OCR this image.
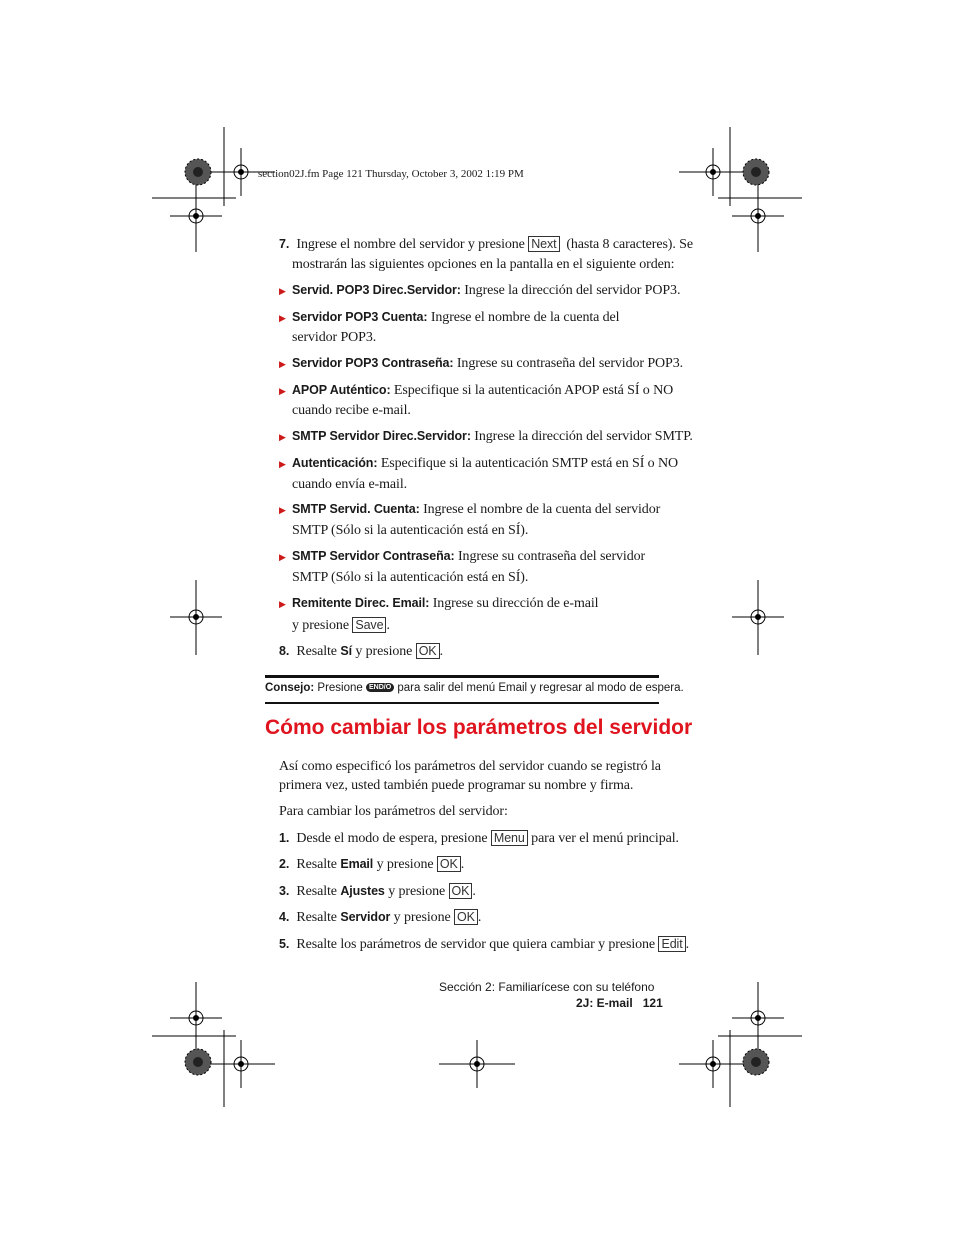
section02J.fm Page 121 Thursday, October 3, 2002 1:19 PM
7. Ingrese el nombre del servidor y presione Next (hasta 8 caracteres). Se
mostrarán las siguientes opciones en la pantalla en el siguiente orden:
▶ Servid. POP3 Direc.Servidor: Ingrese la dirección del servidor POP3.
▶ Servidor POP3 Cuenta: Ingrese el nombre de la cuenta del
servidor POP3.
▶ Servidor POP3 Contraseña: Ingrese su contraseña del servidor POP3.
▶ APOP Auténtico: Especifique si la autenticación APOP está SÍ o NO
cuando recibe e-mail.
▶ SMTP Servidor Direc.Servidor: Ingrese la dirección del servidor SMTP.
▶ Autenticación: Especifique si la autenticación SMTP está en SÍ o NO
cuando envía e-mail.
▶ SMTP Servid. Cuenta: Ingrese el nombre de la cuenta del servidor
SMTP (Sólo si la autenticación está en SÍ).
▶ SMTP Servidor Contraseña: Ingrese su contraseña del servidor
SMTP (Sólo si la autenticación está en SÍ).
▶ Remitente Direc. Email: Ingrese su dirección de e-mail
y presione Save .
8. Resalte Sí y presione OK .
Consejo: Presione END/O para salir del menú Email y regresar al modo de espera.
Cómo cambiar los parámetros del servidor
Así como especificó los parámetros del servidor cuando se registró la
primera vez, usted también puede programar su nombre y firma.
Para cambiar los parámetros del servidor:
1. Desde el modo de espera, presione Menu para ver el menú principal.
2. Resalte Email y presione OK .
3. Resalte Ajustes y presione OK .
4. Resalte Servidor y presione OK .
5. Resalte los parámetros de servidor que quiera cambiar y presione Edit .
Sección 2: Familiarícese con su teléfono
2J: E-mail 121
